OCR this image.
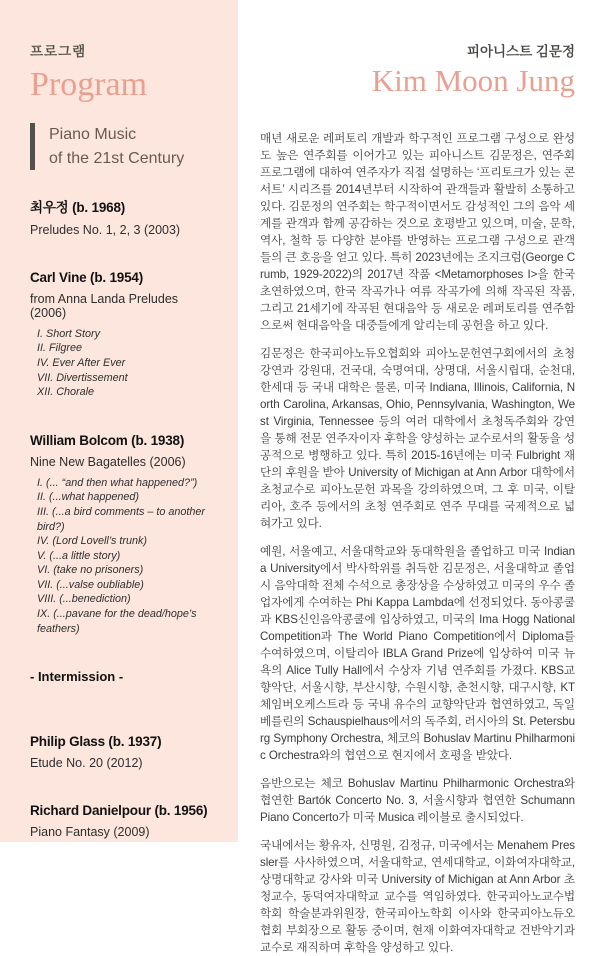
프로그램
Program
Piano Music
of the 21st Century
최우정 (b. 1968)
Preludes No. 1, 2, 3 (2003)
Carl Vine (b. 1954)
from Anna Landa Preludes (2006)
I. Short Story
II. Filgree
IV. Ever After Ever
VII. Divertissement
XII. Chorale
William Bolcom (b. 1938)
Nine New Bagatelles (2006)
I. (... “and then what happened?”)
II. (...what happened)
III. (...a bird comments – to another bird?)
IV. (Lord Lovell’s trunk)
V. (...a little story)
VI. (take no prisoners)
VII. (...valse oubliable)
VIII. (...benediction)
IX. (...pavane for the dead/hope’s feathers)
- Intermission -
Philip Glass (b. 1937)
Etude No. 20 (2012)
Richard Danielpour (b. 1956)
Piano Fantasy (2009)
피아니스트 김문정
Kim Moon Jung

매년 새로운 레퍼토리 개발과 학구적인 프로그램 구성으로 완성도 높은 연주회를 이어가고 있는 피아니스트 김문정은, 연주회 프로그램에 대하여 연주자가 직접 설명하는 ‘프리토크가 있는 콘서트’ 시리즈를 2014년부터 시작하여 관객들과 활발히 소통하고 있다. 김문정의 연주회는 학구적이면서도 감성적인 그의 음악 세계를 관객과 함께 공감하는 것으로 호평받고 있으며, 미술, 문학, 역사, 철학 등 다양한 분야를 반영하는 프로그램 구성으로 관객들의 큰 호응을 얻고 있다. 특히 2023년에는 조지크럼(George Crumb, 1929-2022)의 2017년 작품 <Metamorphoses I>을 한국 초연하였으며, 한국 작곡가나 여류 작곡가에 의해 작곡된 작품, 그리고 21세기에 작곡된 현대음악 등 새로운 레퍼토리를 연주함으로써 현대음악을 대중들에게 알리는데 공헌을 하고 있다.

김문정은 한국피아노듀오협회와 피아노문헌연구회에서의 초청 강연과 강원대, 건국대, 숙명여대, 상명대, 서울시립대, 순천대, 한세대 등 국내 대학은 물론, 미국 Indiana, Illinois, California, North Carolina, Arkansas, Ohio, Pennsylvania, Washington, West Virginia, Tennessee 등의 여러 대학에서 초청독주회와 강연을 통해 전문 연주자이자 후학을 양성하는 교수로서의 활동을 성공적으로 병행하고 있다. 특히 2015-16년에는 미국 Fulbright 재단의 후원을 받아 University of Michigan at Ann Arbor 대학에서 초청교수로 피아노문헌 과목을 강의하였으며, 그 후 미국, 이탈리아, 호주 등에서의 초청 연주회로 연주 무대를 국제적으로 넓혀가고 있다.

예원, 서울예고, 서울대학교와 동대학원을 졸업하고 미국 Indiana University에서 박사학위를 취득한 김문정은, 서울대학교 졸업 시 음악대학 전체 수석으로 총장상을 수상하였고 미국의 우수 졸업자에게 수여하는 Phi Kappa Lambda에 선정되었다. 동아콩쿨과 KBS신인음악콩쿨에 입상하였고, 미국의 Ima Hogg National Competition과 The World Piano Competition에서 Diploma를 수여하였으며, 이탈리아 IBLA Grand Prize에 입상하여 미국 뉴욕의 Alice Tully Hall에서 수상자 기념 연주회를 가졌다. KBS교향악단, 서울시향, 부산시향, 수원시향, 춘천시향, 대구시향, KT체임버오케스트라 등 국내 유수의 교향악단과 협연하였고, 독일 베를린의 Schauspielhaus에서의 독주회, 러시아의 St. Petersburg Symphony Orchestra, 체코의 Bohuslav Martinu Philharmonic Orchestra와의 협연으로 현지에서 호평을 받았다.

음반으로는 체코 Bohuslav Martinu Philharmonic Orchestra와 협연한 Bartók Concerto No. 3, 서울시향과 협연한 Schumann Piano Concerto가 미국 Musica 레이블로 출시되었다.

국내에서는 황유자, 신명원, 김정규, 미국에서는 Menahem Pressler를 사사하였으며, 서울대학교, 연세대학교, 이화여자대학교, 상명대학교 강사와 미국 University of Michigan at Ann Arbor 초청교수, 동덕여자대학교 교수를 역임하였다. 한국피아노교수법학회 학술분과위원장, 한국피아노학회 이사와 한국피아노듀오협회 부회장으로 활동 중이며, 현재 이화여자대학교 건반악기과 교수로 재직하며 후학을 양성하고 있다.
